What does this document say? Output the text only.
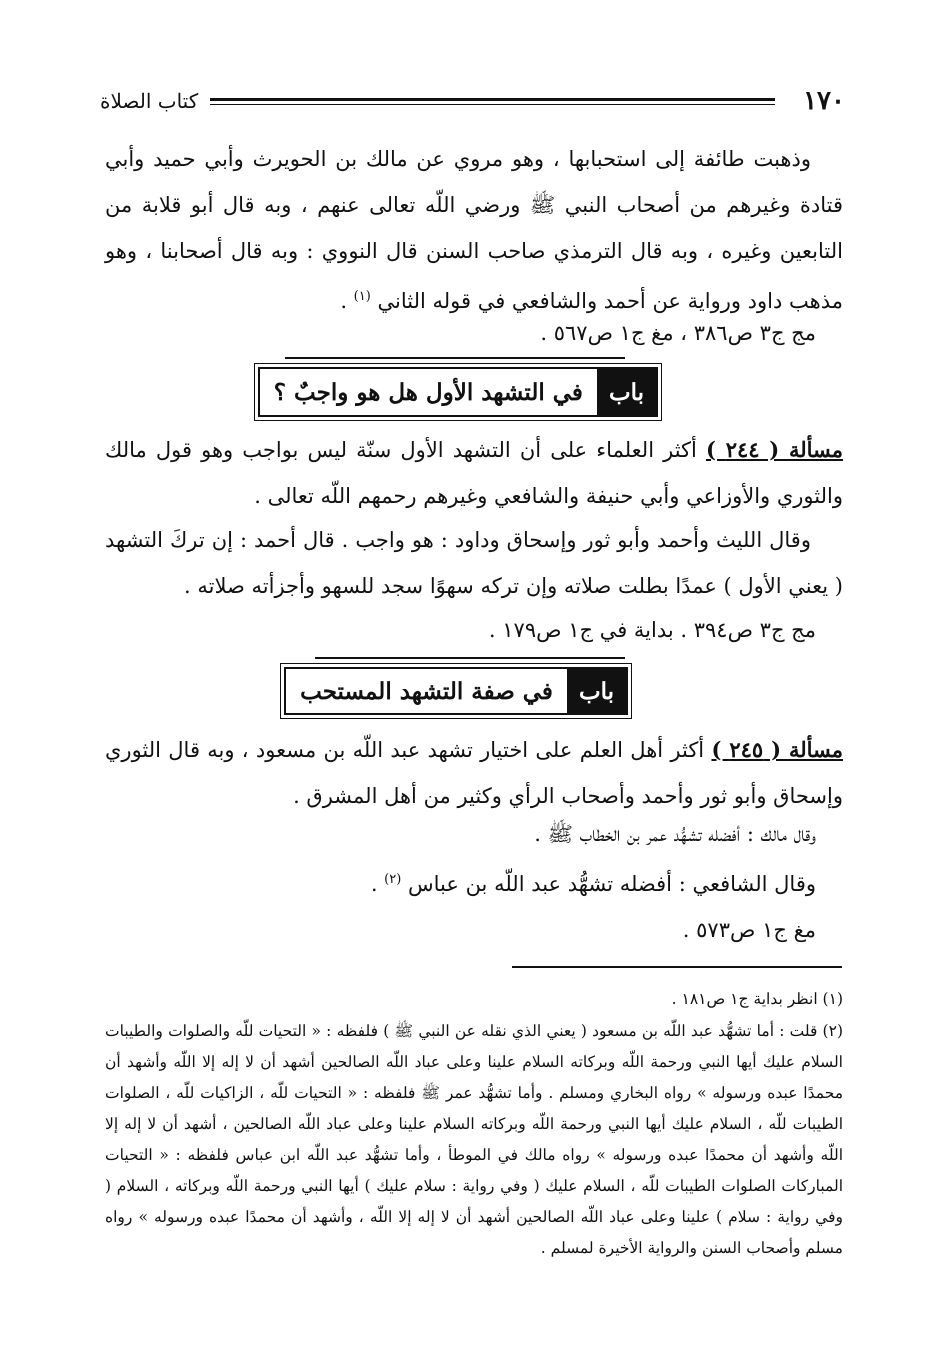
١٧٠
كتاب الصلاة

وذهبت طائفة إلى استحبابها ، وهو مروي عن مالك بن الحويرث وأبي حميد وأبي قتادة وغيرهم من أصحاب النبي ﷺ ورضي اللّه تعالى عنهم ، وبه قال أبو قلابة من التابعين وغيره ، وبه قال الترمذي صاحب السنن قال النووي : وبه قال أصحابنا ، وهو مذهب داود ورواية عن أحمد والشافعي في قوله الثاني $^{(١)}$ .

مج ج٣ ص٣٨٦ ، مغ ج١ ص٥٦٧ .

باب
في التشهد الأول هل هو واجبٌ ؟

مسألة ( ٢٤٤ ) أكثر العلماء على أن التشهد الأول سنّة ليس بواجب وهو قول مالك والثوري والأوزاعي وأبي حنيفة والشافعي وغيرهم رحمهم اللّه تعالى .

وقال الليث وأحمد وأبو ثور وإسحاق وداود : هو واجب . قال أحمد : إن تركَ التشهد ( يعني الأول ) عمدًا بطلت صلاته وإن تركه سهوًا سجد للسهو وأجزأته صلاته .

مج ج٣ ص٣٩٤ . بداية في ج١ ص١٧٩ .

باب
في صفة التشهد المستحب

مسألة ( ٢٤٥ ) أكثر أهل العلم على اختيار تشهد عبد اللّه بن مسعود ، وبه قال الثوري وإسحاق وأبو ثور وأحمد وأصحاب الرأي وكثير من أهل المشرق .

وقال مالك : أفضله تشهُّد عمر بن الخطاب ﷺ .

وقال الشافعي : أفضله تشهُّد عبد اللّه بن عباس $^{(٢)}$ .

مغ ج١ ص٥٧٣ .

(١) انظر بداية ج١ ص١٨١ .

(٢) قلت : أما تشهُّد عبد اللّه بن مسعود ( يعني الذي نقله عن النبي ﷺ ) فلفظه : « التحيات للّه والصلوات والطيبات السلام عليك أيها النبي ورحمة اللّه وبركاته السلام علينا وعلى عباد اللّه الصالحين أشهد أن لا إله إلا اللّه وأشهد أن محمدًا عبده ورسوله » رواه البخاري ومسلم . وأما تشهُّد عمر ﷺ فلفظه : « التحيات للّه ، الزاكيات للّه ، الصلوات الطيبات للّه ، السلام عليك أيها النبي ورحمة اللّه وبركاته السلام علينا وعلى عباد اللّه الصالحين ، أشهد أن لا إله إلا اللّه وأشهد أن محمدًا عبده ورسوله » رواه مالك في الموطأ ، وأما تشهُّد عبد اللّه ابن عباس فلفظه : « التحيات المباركات الصلوات الطيبات للّه ، السلام عليك ( وفي رواية : سلام عليك ) أيها النبي ورحمة اللّه وبركاته ، السلام ( وفي رواية : سلام ) علينا وعلى عباد اللّه الصالحين أشهد أن لا إله إلا اللّه ، وأشهد أن محمدًا عبده ورسوله » رواه مسلم وأصحاب السنن والرواية الأخيرة لمسلم .
